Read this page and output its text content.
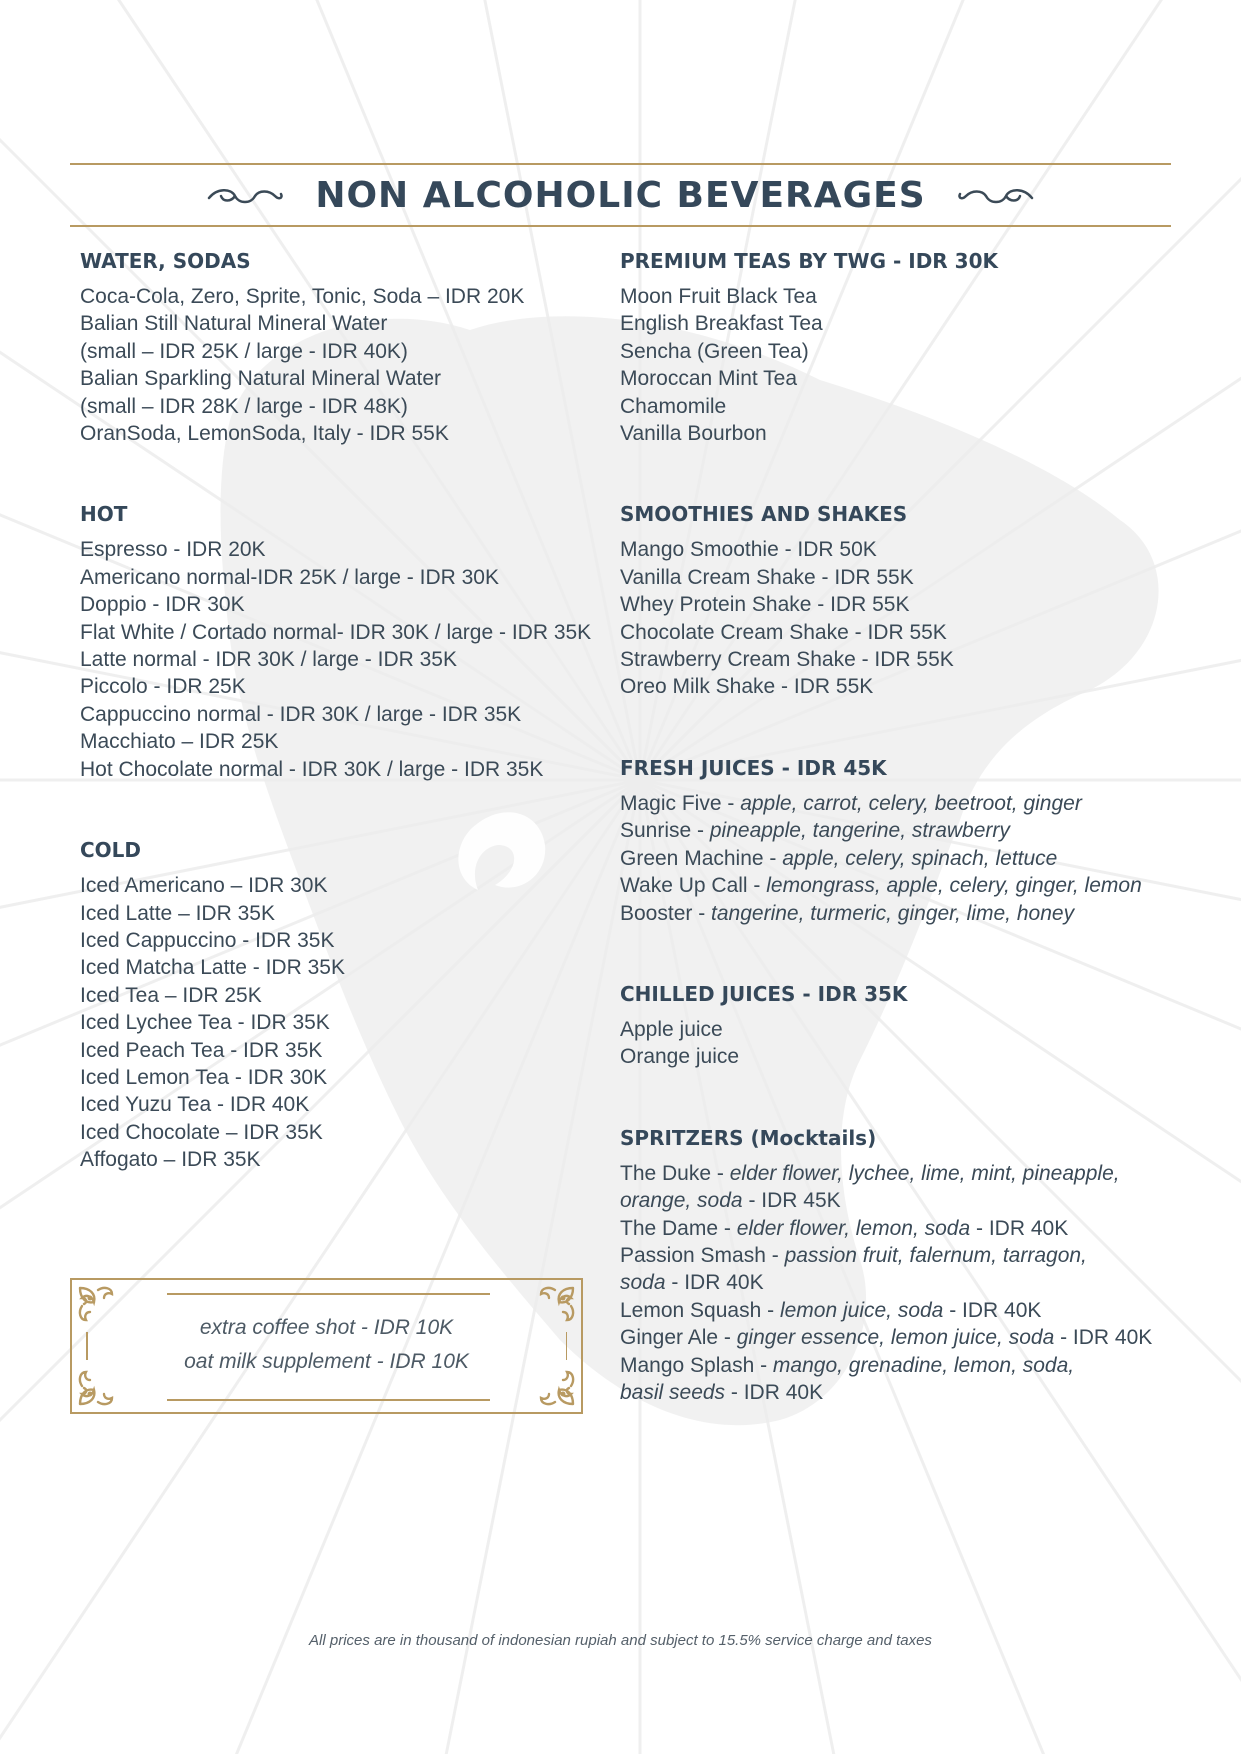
NON ALCOHOLIC BEVERAGES
WATER, SODAS
Coca-Cola, Zero, Sprite, Tonic, Soda – IDR 20K
Balian Still Natural Mineral Water
(small – IDR 25K / large - IDR 40K)
Balian Sparkling Natural Mineral Water
(small – IDR 28K / large - IDR 48K)
OranSoda, LemonSoda, Italy - IDR 55K
HOT
Espresso - IDR 20K
Americano normal-IDR 25K / large - IDR 30K
Doppio - IDR 30K
Flat White / Cortado normal- IDR 30K / large - IDR 35K
Latte normal - IDR 30K / large - IDR 35K
Piccolo - IDR 25K
Cappuccino normal - IDR 30K / large - IDR 35K
Macchiato – IDR 25K
Hot Chocolate normal - IDR 30K / large - IDR 35K
COLD
Iced Americano – IDR 30K
Iced Latte – IDR 35K
Iced Cappuccino - IDR 35K
Iced Matcha Latte - IDR 35K
Iced Tea – IDR 25K
Iced Lychee Tea - IDR 35K
Iced Peach Tea - IDR 35K
Iced Lemon Tea - IDR 30K
Iced Yuzu Tea - IDR 40K
Iced Chocolate – IDR 35K
Affogato – IDR 35K
PREMIUM TEAS BY TWG - IDR 30K
Moon Fruit Black Tea
English Breakfast Tea
Sencha (Green Tea)
Moroccan Mint Tea
Chamomile
Vanilla Bourbon
SMOOTHIES AND SHAKES
Mango Smoothie - IDR 50K
Vanilla Cream Shake - IDR 55K
Whey Protein Shake - IDR 55K
Chocolate Cream Shake - IDR 55K
Strawberry Cream Shake - IDR 55K
Oreo Milk Shake - IDR 55K
FRESH JUICES - IDR 45K
Magic Five - apple, carrot, celery, beetroot, ginger
Sunrise - pineapple, tangerine, strawberry
Green Machine - apple, celery, spinach, lettuce
Wake Up Call - lemongrass, apple, celery, ginger, lemon
Booster - tangerine, turmeric, ginger, lime, honey
CHILLED JUICES - IDR 35K
Apple juice
Orange juice
SPRITZERS (Mocktails)
The Duke - elder flower, lychee, lime, mint, pineapple,
orange, soda - IDR 45K
The Dame - elder flower, lemon, soda - IDR 40K
Passion Smash - passion fruit, falernum, tarragon,
soda - IDR 40K
Lemon Squash - lemon juice, soda - IDR 40K
Ginger Ale - ginger essence, lemon juice, soda - IDR 40K
Mango Splash - mango, grenadine, lemon, soda,
basil seeds - IDR 40K
extra coffee shot - IDR 10K
oat milk supplement - IDR 10K
All prices are in thousand of indonesian rupiah and subject to 15.5% service charge and taxes
